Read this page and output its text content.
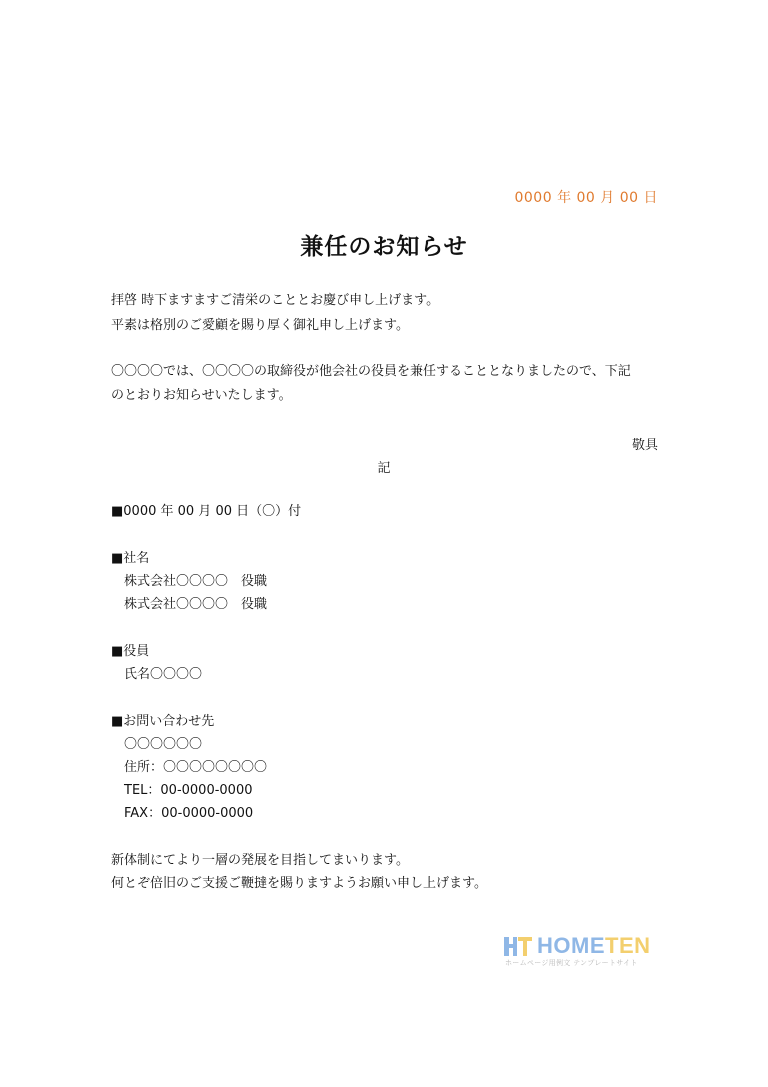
0000 年 00 月 00 日
兼任のお知らせ
拝啓 時下ますますご清栄のこととお慶び申し上げます。
平素は格別のご愛顧を賜り厚く御礼申し上げます。
〇〇〇〇では、〇〇〇〇の取締役が他会社の役員を兼任することとなりましたので、下記
のとおりお知らせいたします。
敬具
記
■0000 年 00 月 00 日（〇）付
■社名
株式会社〇〇〇〇　役職
株式会社〇〇〇〇　役職
■役員
氏名〇〇〇〇
■お問い合わせ先
〇〇〇〇〇〇
住所：〇〇〇〇〇〇〇〇
TEL：00-0000-0000
FAX：00-0000-0000
新体制にてより一層の発展を目指してまいります。
何とぞ倍旧のご支援ご鞭撻を賜りますようお願い申し上げます。
HOMETEN
ホームページ用例文 テンプレートサイト
